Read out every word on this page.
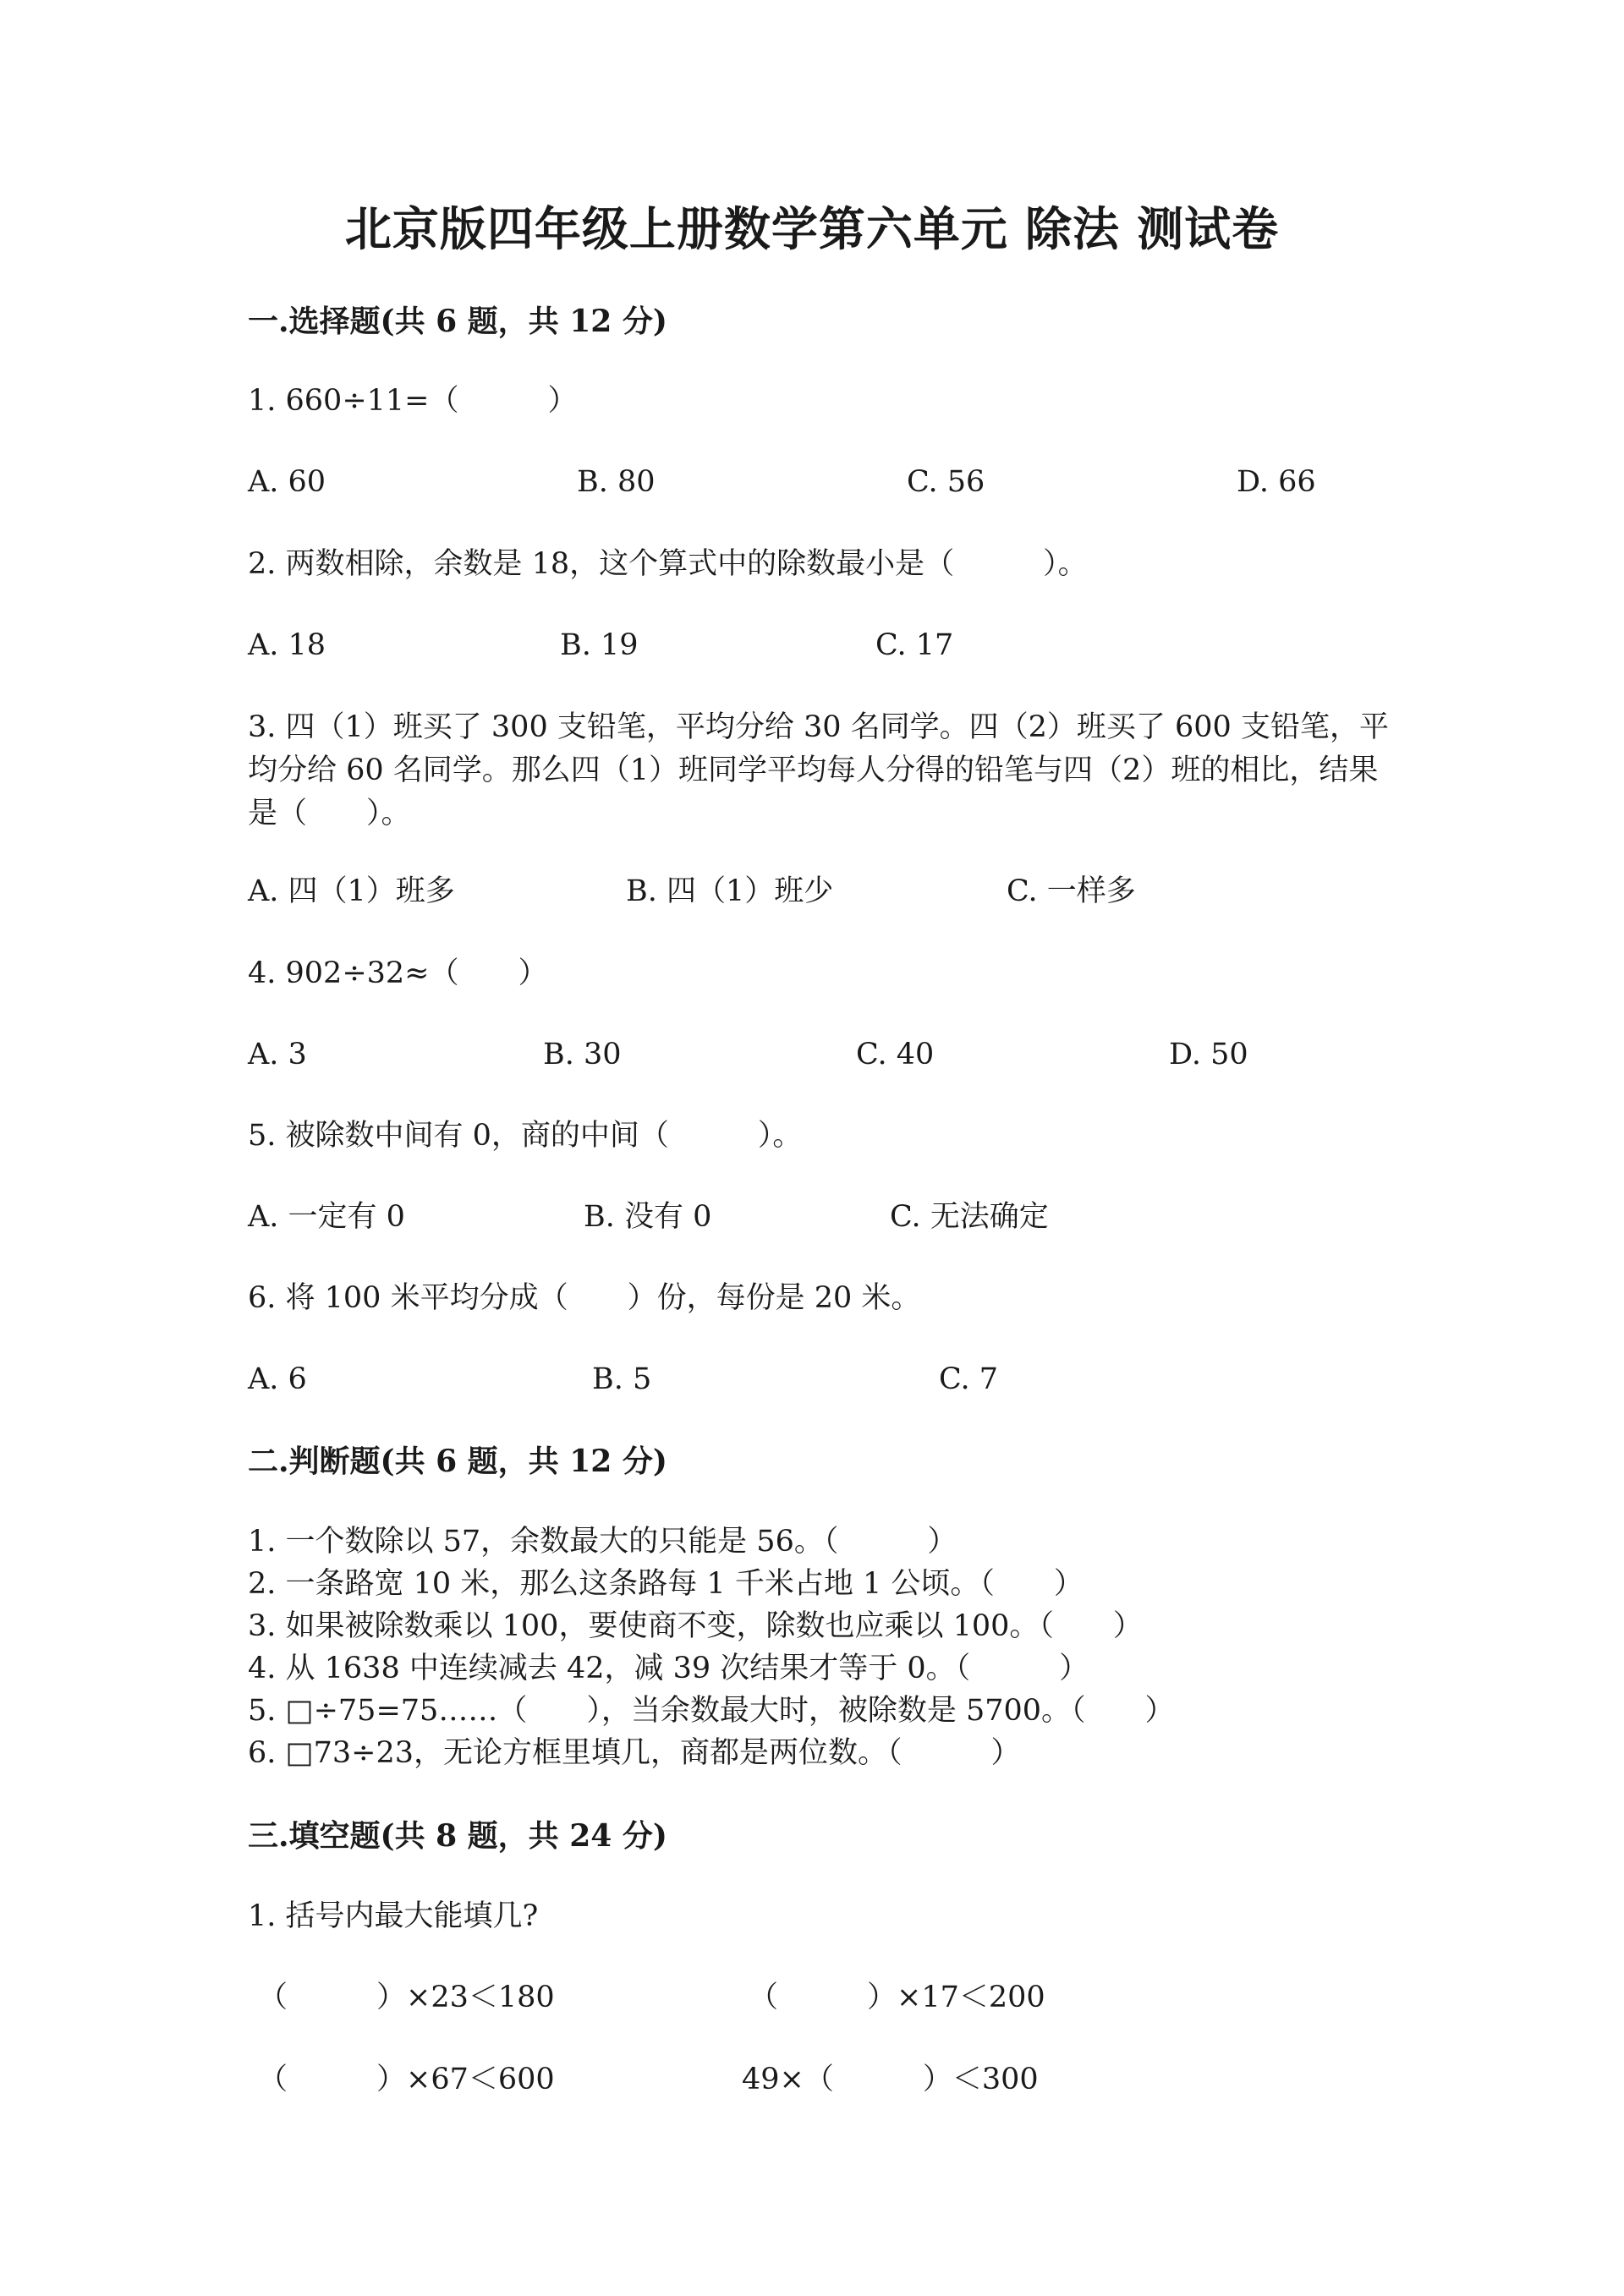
北京版四年级上册数学第六单元 除法 测试卷
一.选择题(共 6 题，共 12 分)
1. 660÷11=（　　　）
A. 60	B. 80	C. 56	D. 66
2. 两数相除，余数是 18，这个算式中的除数最小是（　　　）。
A. 18	B. 19	C. 17
3. 四（1）班买了 300 支铅笔，平均分给 30 名同学。四（2）班买了 600 支铅笔，平均分给 60 名同学。那么四（1）班同学平均每人分得的铅笔与四（2）班的相比，结果是（　　）。
A. 四（1）班多	B. 四（1）班少	C. 一样多
4. 902÷32≈（　　）
A. 3	B. 30	C. 40	D. 50
5. 被除数中间有 0，商的中间（　　　）。
A. 一定有 0	B. 没有 0	C. 无法确定
6. 将 100 米平均分成（　　）份，每份是 20 米。
A. 6	B. 5	C. 7
二.判断题(共 6 题，共 12 分)
1. 一个数除以 57，余数最大的只能是 56。（　　　）
2. 一条路宽 10 米，那么这条路每 1 千米占地 1 公顷。（　　）
3. 如果被除数乘以 100，要使商不变，除数也应乘以 100。（　　）
4. 从 1638 中连续减去 42，减 39 次结果才等于 0。（　　　）
5. □÷75=75……（　　），当余数最大时，被除数是 5700。（　　）
6. □73÷23，无论方框里填几，商都是两位数。（　　　）
三.填空题(共 8 题，共 24 分)
1. 括号内最大能填几?
（　　　）×23＜180	（　　　）×17＜200
（　　　）×67＜600	49×（　　　）＜300
